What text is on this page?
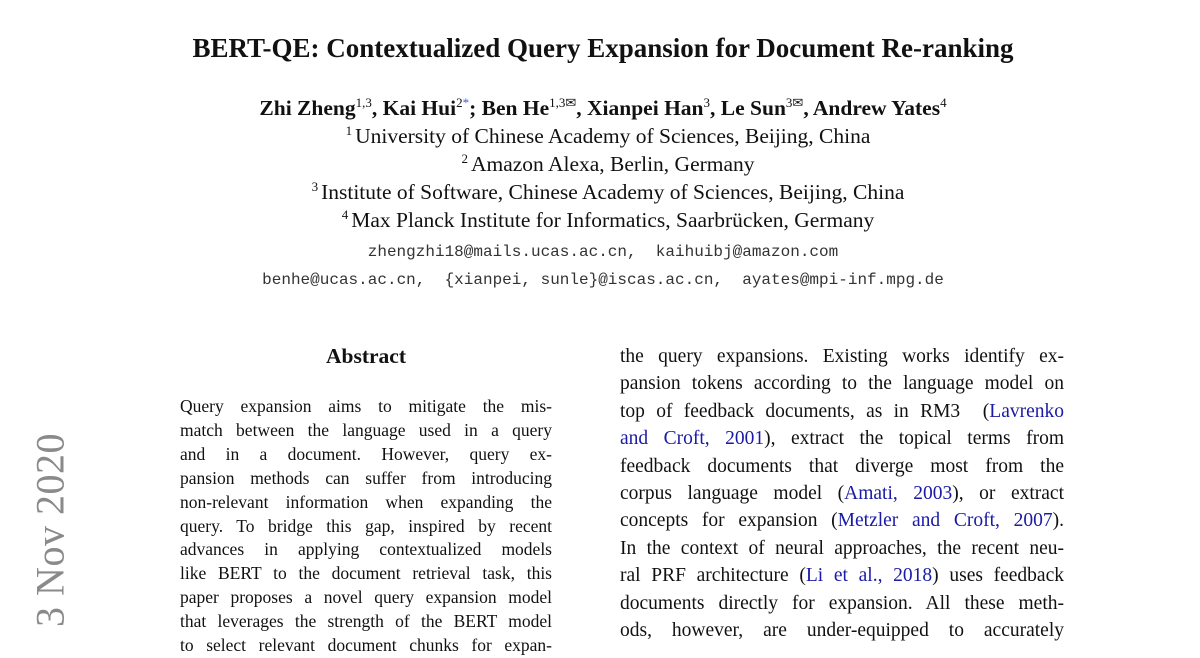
3 Nov 2020
BERT-QE: Contextualized Query Expansion for Document Re-ranking
Zhi Zheng$^{1,3}$, Kai Hui$^{2*}$; Ben $He^{1,3✉}$, Xianpei Han$^3$, Le Sun$^{3✉}$, Andrew Yates$^4$
$^1$ University of Chinese Academy of Sciences, Beijing, China
$^2$ Amazon Alexa, Berlin, Germany
$^3$ Institute of Software, Chinese Academy of Sciences, Beijing, China
$^4$ Max Planck Institute for Informatics, Saarbrücken, Germany
zhengzhi18@mails.ucas.ac.cn,  kaihuibj@amazon.com
benhe@ucas.ac.cn,  {xianpei, sunle}@iscas.ac.cn,  ayates@mpi-inf.mpg.de
Abstract
Query expansion aims to mitigate the mis-
match between the language used in a query
and in a document. However, query ex-
pansion methods can suffer from introducing
non-relevant information when expanding the
query. To bridge this gap, inspired by recent
advances in applying contextualized models
like BERT to the document retrieval task, this
paper proposes a novel query expansion model
that leverages the strength of the BERT model
to select relevant document chunks for expan-
the query expansions. Existing works identify ex-
pansion tokens according to the language model on
top of feedback documents, as in RM3  (Lavrenko
and Croft, 2001), extract the topical terms from
feedback documents that diverge most from the
corpus language model (Amati, 2003), or extract
concepts for expansion (Metzler and Croft, 2007).
In the context of neural approaches, the recent neu-
ral PRF architecture (Li et al., 2018) uses feedback
documents directly for expansion. All these meth-
ods, however, are under-equipped to accurately
